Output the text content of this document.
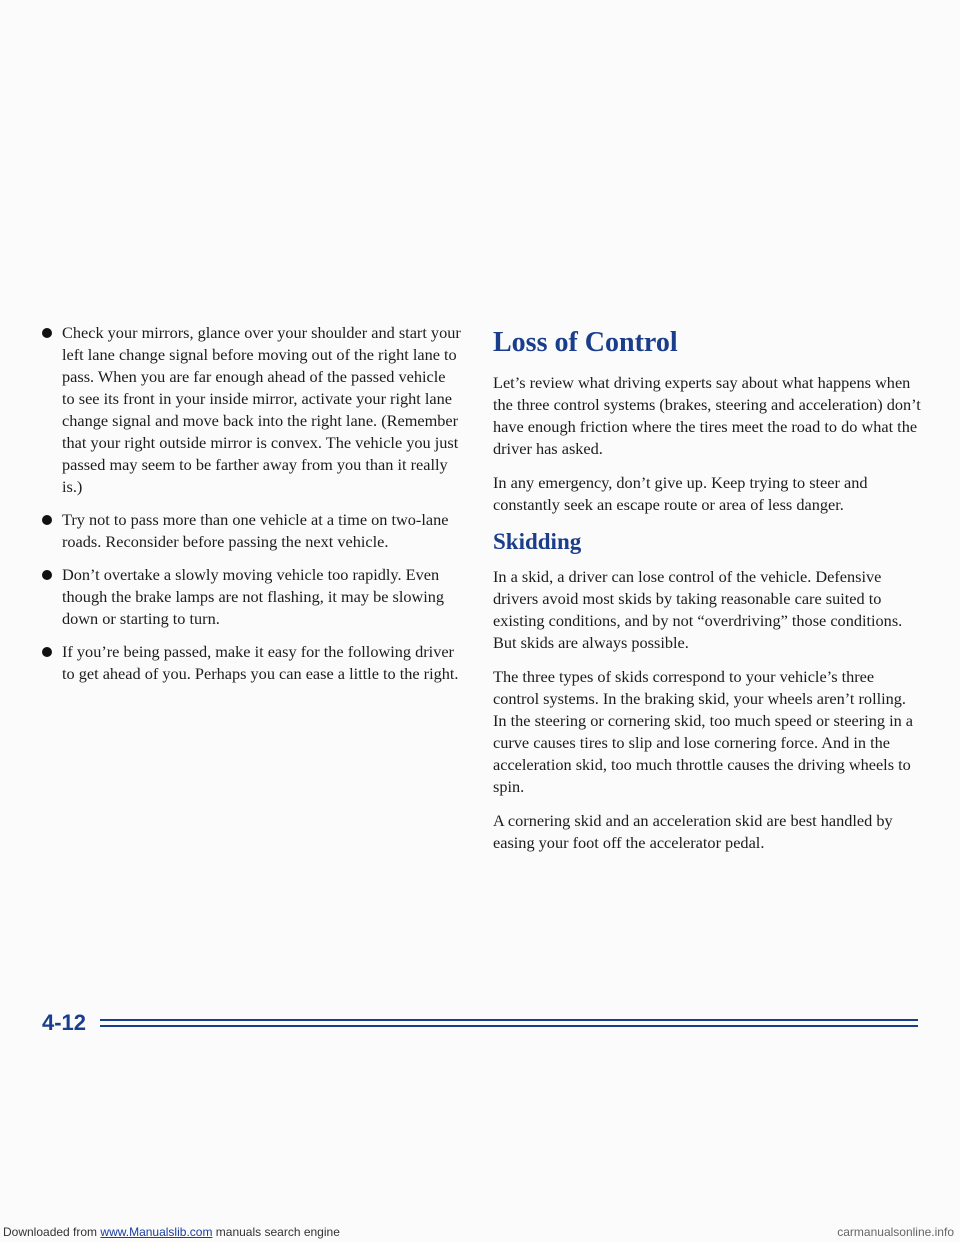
Check your mirrors, glance over your shoulder and start your left lane change signal before moving out of the right lane to pass. When you are far enough ahead of the passed vehicle to see its front in your inside mirror, activate your right lane change signal and move back into the right lane. (Remember that your right outside mirror is convex. The vehicle you just passed may seem to be farther away from you than it really is.)
Try not to pass more than one vehicle at a time on two-lane roads. Reconsider before passing the next vehicle.
Don’t overtake a slowly moving vehicle too rapidly. Even though the brake lamps are not flashing, it may be slowing down or starting to turn.
If you’re being passed, make it easy for the following driver to get ahead of you. Perhaps you can ease a little to the right.
Loss of Control

Let’s review what driving experts say about what happens when the three control systems (brakes, steering and acceleration) don’t have enough friction where the tires meet the road to do what the driver has asked.

In any emergency, don’t give up. Keep trying to steer and constantly seek an escape route or area of less danger.

Skidding

In a skid, a driver can lose control of the vehicle. Defensive drivers avoid most skids by taking reasonable care suited to existing conditions, and by not “overdriving” those conditions. But skids are always possible.

The three types of skids correspond to your vehicle’s three control systems. In the braking skid, your wheels aren’t rolling. In the steering or cornering skid, too much speed or steering in a curve causes tires to slip and lose cornering force. And in the acceleration skid, too much throttle causes the driving wheels to spin.

A cornering skid and an acceleration skid are best handled by easing your foot off the accelerator pedal.

4-12
Downloaded from www.Manualslib.com manuals search engine	carmanualsonline.info
